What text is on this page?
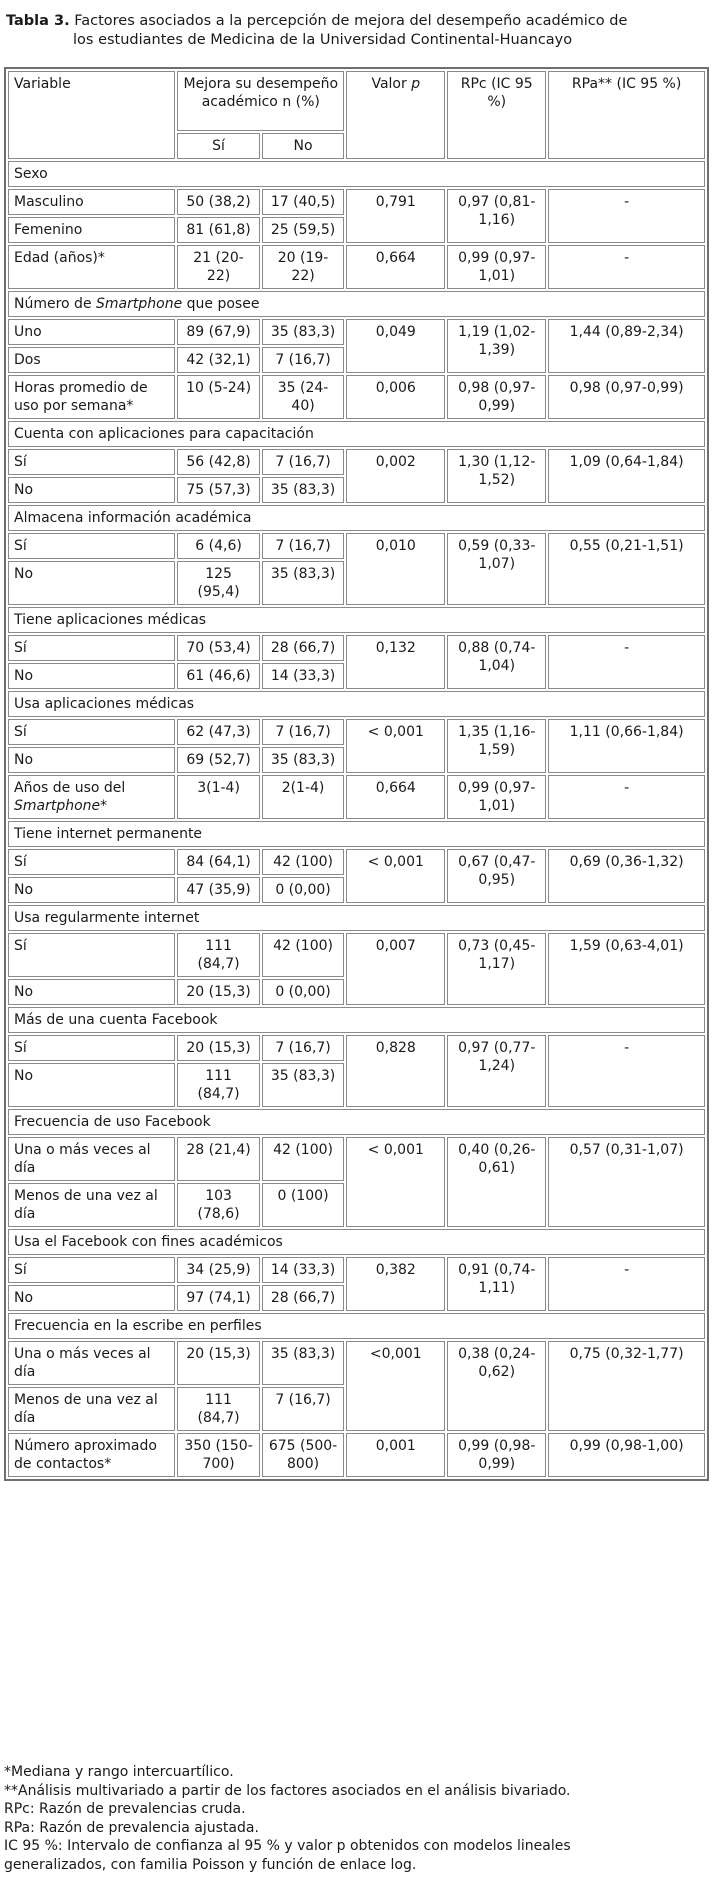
Tabla 3. Factores asociados a la percepción de mejora del desempeño académico de
los estudiantes de Medicina de la Universidad Continental-Huancayo
Variable	Mejora su desempeño académico n (%)		Valor p	RPc (IC 95 %)	RPa** (IC 95 %)
	Sí	No			
Sexo					
Masculino	50 (38,2)	17 (40,5)	0,791	0,97 (0,81-1,16)	-
Femenino	81 (61,8)	25 (59,5)			
Edad (años)*	21 (20-22)	20 (19-22)	0,664	0,99 (0,97-1,01)	-
Número de Smartphone que posee					
Uno	89 (67,9)	35 (83,3)	0,049	1,19 (1,02-1,39)	1,44 (0,89-2,34)
Dos	42 (32,1)	7 (16,7)			
Horas promedio de uso por semana*	10 (5-24)	35 (24-40)	0,006	0,98 (0,97-0,99)	0,98 (0,97-0,99)
Cuenta con aplicaciones para capacitación					
Sí	56 (42,8)	7 (16,7)	0,002	1,30 (1,12-1,52)	1,09 (0,64-1,84)
No	75 (57,3)	35 (83,3)			
Almacena información académica					
Sí	6 (4,6)	7 (16,7)	0,010	0,59 (0,33-1,07)	0,55 (0,21-1,51)
No	125 (95,4)	35 (83,3)			
Tiene aplicaciones médicas					
Sí	70 (53,4)	28 (66,7)	0,132	0,88 (0,74-1,04)	-
No	61 (46,6)	14 (33,3)			
Usa aplicaciones médicas					
Sí	62 (47,3)	7 (16,7)	< 0,001	1,35 (1,16-1,59)	1,11 (0,66-1,84)
No	69 (52,7)	35 (83,3)			
Años de uso del Smartphone*	3(1-4)	2(1-4)	0,664	0,99 (0,97-1,01)	-
Tiene internet permanente					
Sí	84 (64,1)	42 (100)	< 0,001	0,67 (0,47-0,95)	0,69 (0,36-1,32)
No	47 (35,9)	0 (0,00)			
Usa regularmente internet					
Sí	111 (84,7)	42 (100)	0,007	0,73 (0,45-1,17)	1,59 (0,63-4,01)
No	20 (15,3)	0 (0,00)			
Más de una cuenta Facebook					
Sí	20 (15,3)	7 (16,7)	0,828	0,97 (0,77-1,24)	-
No	111 (84,7)	35 (83,3)			
Frecuencia de uso Facebook					
Una o más veces al día	28 (21,4)	42 (100)	< 0,001	0,40 (0,26-0,61)	0,57 (0,31-1,07)
Menos de una vez al día	103 (78,6)	0 (100)			
Usa el Facebook con fines académicos					
Sí	34 (25,9)	14 (33,3)	0,382	0,91 (0,74-1,11)	-
No	97 (74,1)	28 (66,7)			
Frecuencia en la escribe en perfiles					
Una o más veces al día	20 (15,3)	35 (83,3)	<0,001	0,38 (0,24-0,62)	0,75 (0,32-1,77)
Menos de una vez al día	111 (84,7)	7 (16,7)			
Número aproximado de contactos*	350 (150-700)	675 (500-800)	0,001	0,99 (0,98-0,99)	0,99 (0,98-1,00)
*Mediana y rango intercuartílico.
**Análisis multivariado a partir de los factores asociados en el análisis bivariado.
RPc: Razón de prevalencias cruda.
RPa: Razón de prevalencia ajustada.
IC 95 %: Intervalo de confianza al 95 % y valor p obtenidos con modelos lineales
generalizados, con familia Poisson y función de enlace log.
